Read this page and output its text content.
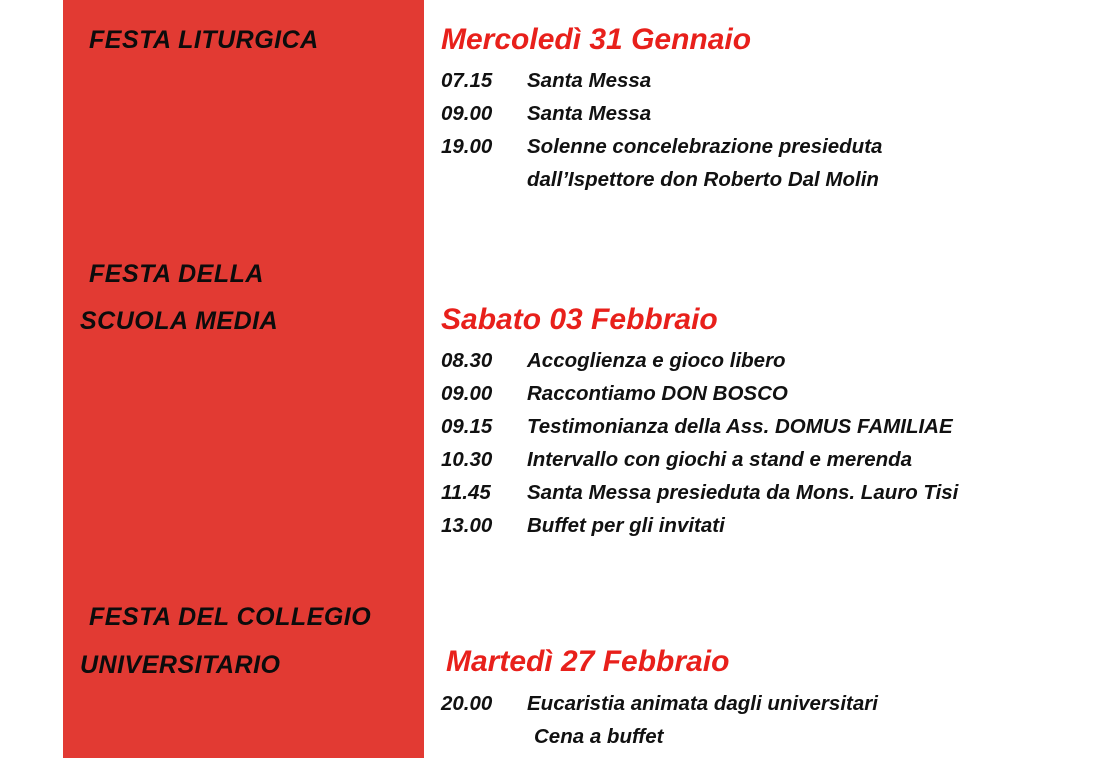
FESTA LITURGICA	Mercoledì 31 Gennaio
07.15 Santa Messa
09.00 Santa Messa
19.00 Solenne concelebrazione presieduta
dall’Ispettore don Roberto Dal Molin
FESTA DELLA
SCUOLA MEDIA	Sabato 03 Febbraio
08.30 Accoglienza e gioco libero
09.00 Raccontiamo DON BOSCO
09.15 Testimonianza della Ass. DOMUS FAMILIAE
10.30 Intervallo con giochi a stand e merenda
11.45 Santa Messa presieduta da Mons. Lauro Tisi
13.00 Buffet per gli invitati
FESTA DEL COLLEGIO
UNIVERSITARIO	Martedì 27 Febbraio
20.00 Eucaristia animata dagli universitari
Cena a buffet
